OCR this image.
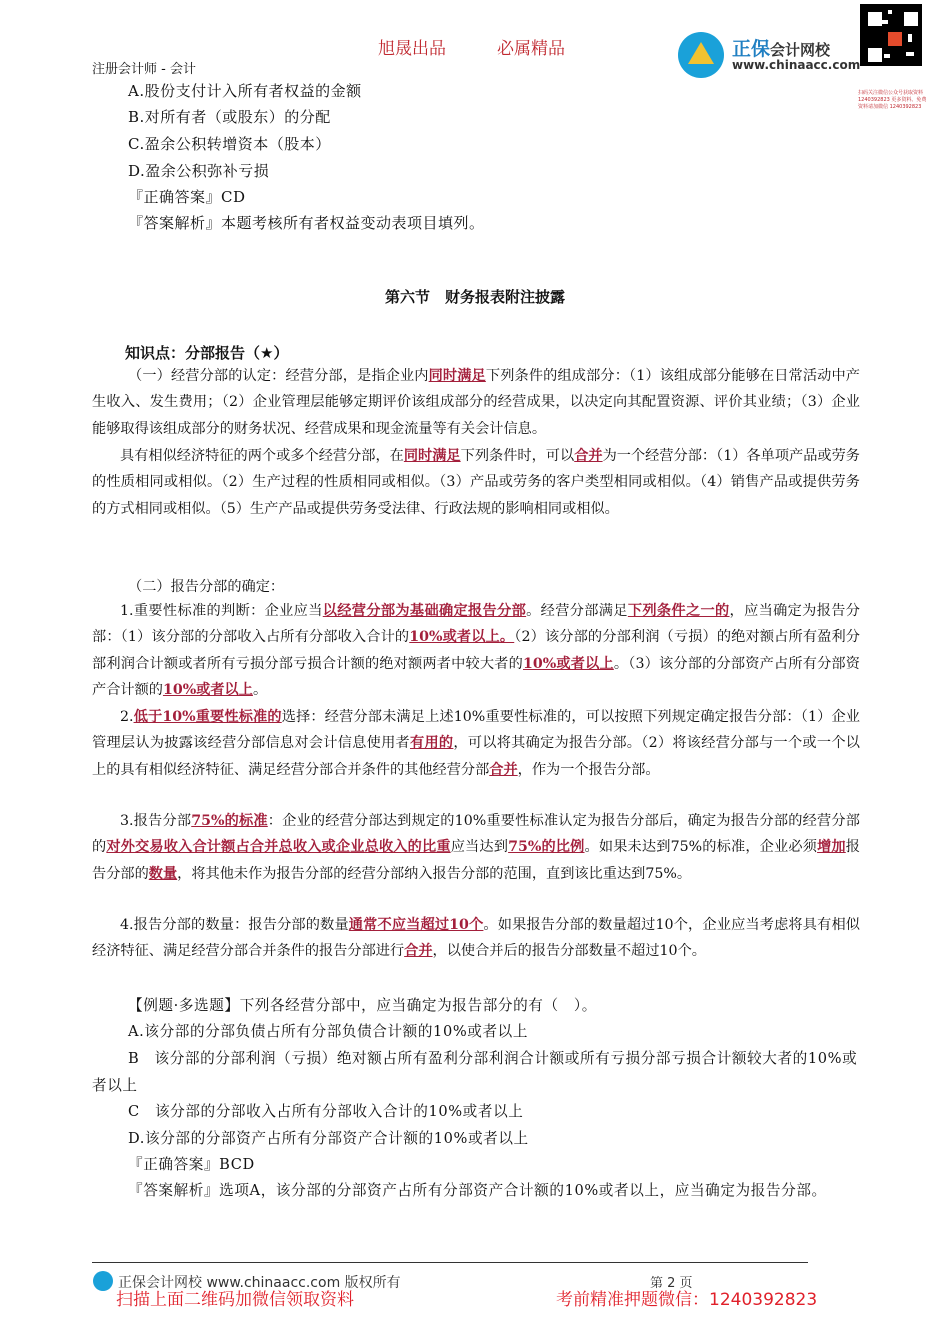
旭晟出品	必属精品
注册会计师 - 会计
正保会计网校
www.chinaacc.com
扫码关注微信公众号获取资料 1240392823 更多资料、免费资料请加微信 1240392823
A.股份支付计入所有者权益的金额
B.对所有者（或股东）的分配
C.盈余公积转增资本（股本）
D.盈余公积弥补亏损
『正确答案』CD
『答案解析』本题考核所有者权益变动表项目填列。
第六节　财务报表附注披露
知识点：分部报告（★）
（一）经营分部的认定：经营分部，是指企业内同时满足下列条件的组成部分：（1）该组成部分能够在日常活动中产生收入、发生费用；（2）企业管理层能够定期评价该组成部分的经营成果，以决定向其配置资源、评价其业绩；（3）企业能够取得该组成部分的财务状况、经营成果和现金流量等有关会计信息。
具有相似经济特征的两个或多个经营分部，在同时满足下列条件时，可以合并为一个经营分部：（1）各单项产品或劳务的性质相同或相似。（2）生产过程的性质相同或相似。（3）产品或劳务的客户类型相同或相似。（4）销售产品或提供劳务的方式相同或相似。（5）生产产品或提供劳务受法律、行政法规的影响相同或相似。
（二）报告分部的确定：
1.重要性标准的判断：企业应当以经营分部为基础确定报告分部。经营分部满足下列条件之一的，应当确定为报告分部：（1）该分部的分部收入占所有分部收入合计的10%或者以上。（2）该分部的分部利润（亏损）的绝对额占所有盈利分部利润合计额或者所有亏损分部亏损合计额的绝对额两者中较大者的10%或者以上。（3）该分部的分部资产占所有分部资产合计额的10%或者以上。
2.低于10%重要性标准的选择：经营分部未满足上述10%重要性标准的，可以按照下列规定确定报告分部：（1）企业管理层认为披露该经营分部信息对会计信息使用者有用的，可以将其确定为报告分部。（2）将该经营分部与一个或一个以上的具有相似经济特征、满足经营分部合并条件的其他经营分部合并，作为一个报告分部。
3.报告分部75%的标准：企业的经营分部达到规定的10%重要性标准认定为报告分部后，确定为报告分部的经营分部的对外交易收入合计额占合并总收入或企业总收入的比重应当达到75%的比例。如果未达到75%的标准，企业必须增加报告分部的数量，将其他未作为报告分部的经营分部纳入报告分部的范围，直到该比重达到75%。
4.报告分部的数量：报告分部的数量通常不应当超过10个。如果报告分部的数量超过10个，企业应当考虑将具有相似经济特征、满足经营分部合并条件的报告分部进行合并，以使合并后的报告分部数量不超过10个。
【例题·多选题】下列各经营分部中，应当确定为报告部分的有（　）。
A.该分部的分部负债占所有分部负债合计额的10%或者以上
B　该分部的分部利润（亏损）绝对额占所有盈利分部利润合计额或所有亏损分部亏损合计额较大者的10%或者以上
C　该分部的分部收入占所有分部收入合计的10%或者以上
D.该分部的分部资产占所有分部资产合计额的10%或者以上
『正确答案』BCD
『答案解析』选项A，该分部的分部资产占所有分部资产合计额的10%或者以上，应当确定为报告分部。
正保会计网校 www.chinaacc.com 版权所有	第 2 页
扫描上面二维码加微信领取资料	考前精准押题微信：1240392823
